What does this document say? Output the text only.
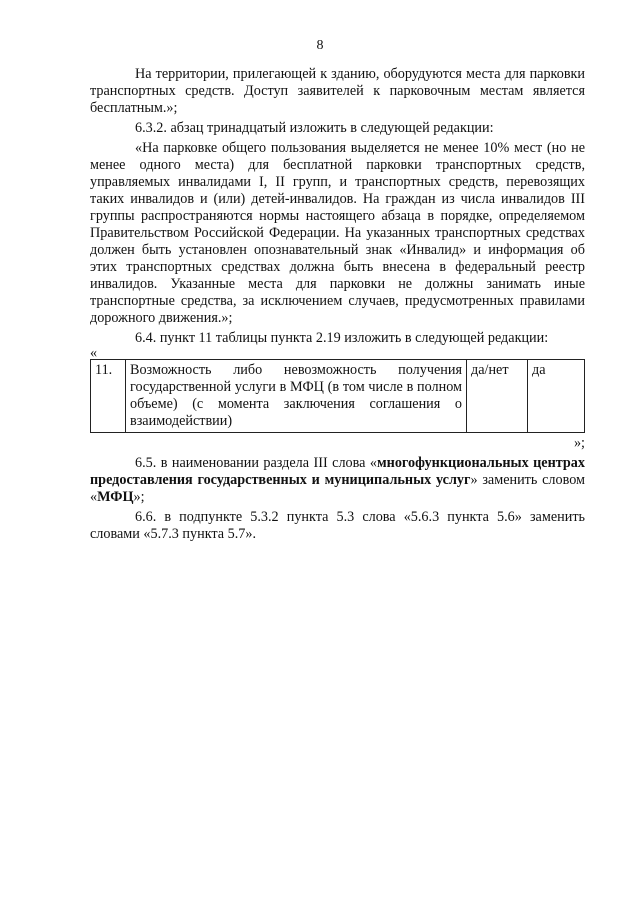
8

На территории, прилегающей к зданию, оборудуются места для парковки транспортных средств. Доступ заявителей к парковочным местам является бесплатным.»;

6.3.2. абзац тринадцатый изложить в следующей редакции:

«На парковке общего пользования выделяется не менее 10% мест (но не менее одного места) для бесплатной парковки транспортных средств, управляемых инвалидами I, II групп, и транспортных средств, перевозящих таких инвалидов и (или) детей-инвалидов. На граждан из числа инвалидов III группы распространяются нормы настоящего абзаца в порядке, определяемом Правительством Российской Федерации. На указанных транспортных средствах должен быть установлен опознавательный знак «Инвалид» и информация об этих транспортных средствах должна быть внесена в федеральный реестр инвалидов. Указанные места для парковки не должны занимать иные транспортные средства, за исключением случаев, предусмотренных правилами дорожного движения.»;

6.4. пункт 11 таблицы пункта 2.19 изложить в следующей редакции:

«

11.	Возможность либо невозможность получения государственной услуги в МФЦ (в том числе в полном объеме) (с момента заключения соглашения о взаимодействии)	да/нет	да

»;

6.5. в наименовании раздела III слова «многофункциональных центрах предоставления государственных и муниципальных услуг» заменить словом «МФЦ»;

6.6. в подпункте 5.3.2 пункта 5.3 слова «5.6.3 пункта 5.6» заменить словами «5.7.3 пункта 5.7».
